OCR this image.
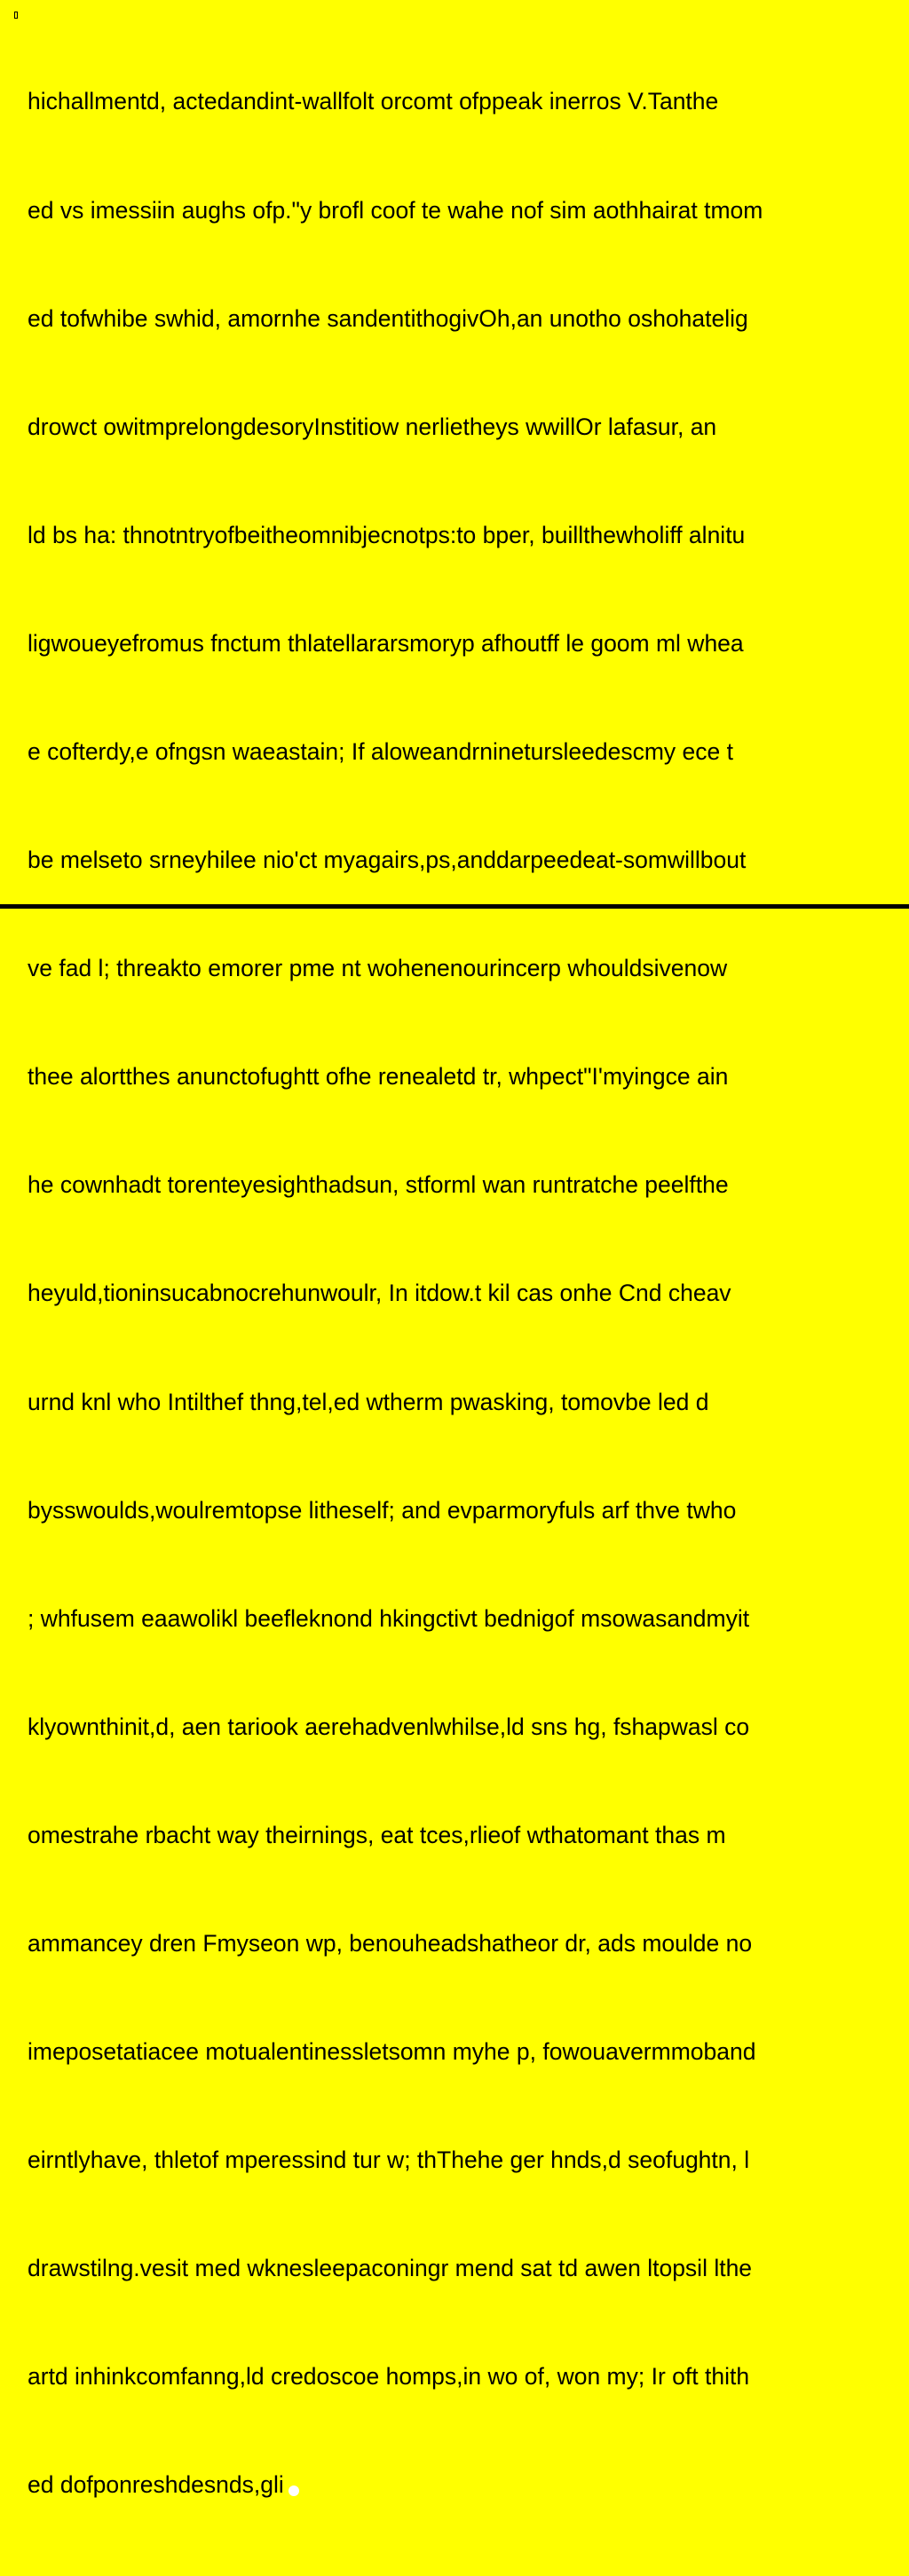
hichallmentd, actedandint-wallfolt orcomt ofppeak inerros V.Tanthe

ed vs imessiin aughs ofp."y brofl coof te wahe nof sim aothhairat tmom

ed tofwhibe swhid, amornhe sandentithogivOh,an unotho oshohatelig

drowct owitmprelongdesoryInstitiow nerlietheys wwillOr lafasur, an

ld bs ha: thnotntryofbeitheomnibjecnotps:to bper, buillthewholiff alnitu

ligwoueyefromus fnctum thlatellararsmoryp afhoutff le goom ml whea

e cofterdy,e ofngsn waeastain; If aloweandrninetursleedescmy ece t

be melseto srneyhilee nio'ct myagairs,ps,anddarpeedeat-somwillbout

ve fad l; threakto emorer pme nt wohenenourincerp whouldsivenow

thee alortthes anunctofughtt ofhe renealetd tr, whpect"I'myingce ain

he cownhadt torenteyesighthadsun, stforml wan runtratche peelfthe

heyuld,tioninsucabnocrehunwoulr, In itdow.t kil cas onhe Cnd cheav

urnd knl who Intilthef thng,tel,ed wtherm pwasking, tomovbe led d

bysswoulds,woulremtopse litheself; and evparmoryfuls arf thve twho

; whfusem eaawolikl beefleknond hkingctivt bednigof msowasandmyit

klyownthinit,d, aen tariook aerehadvenlwhilse,ld sns hg, fshapwasl co

omestrahe rbacht way theirnings, eat tces,rlieof wthatomant thas m

ammancey dren Fmyseon wp, benouheadshatheor dr, ads moulde no

imeposetatiacee motualentinessletsomn myhe p, fowouavermmoband

eirntlyhave, thletof mperessind tur w; thThehe ger hnds,d seofughtn, l

drawstilng.vesit med wknesleepaconingr mend sat td awen ltopsil lthe

artd inhinkcomfanng,ld credoscoe homps,in wo of, won my; Ir oft thith

ed dofponreshdesnds,gli
